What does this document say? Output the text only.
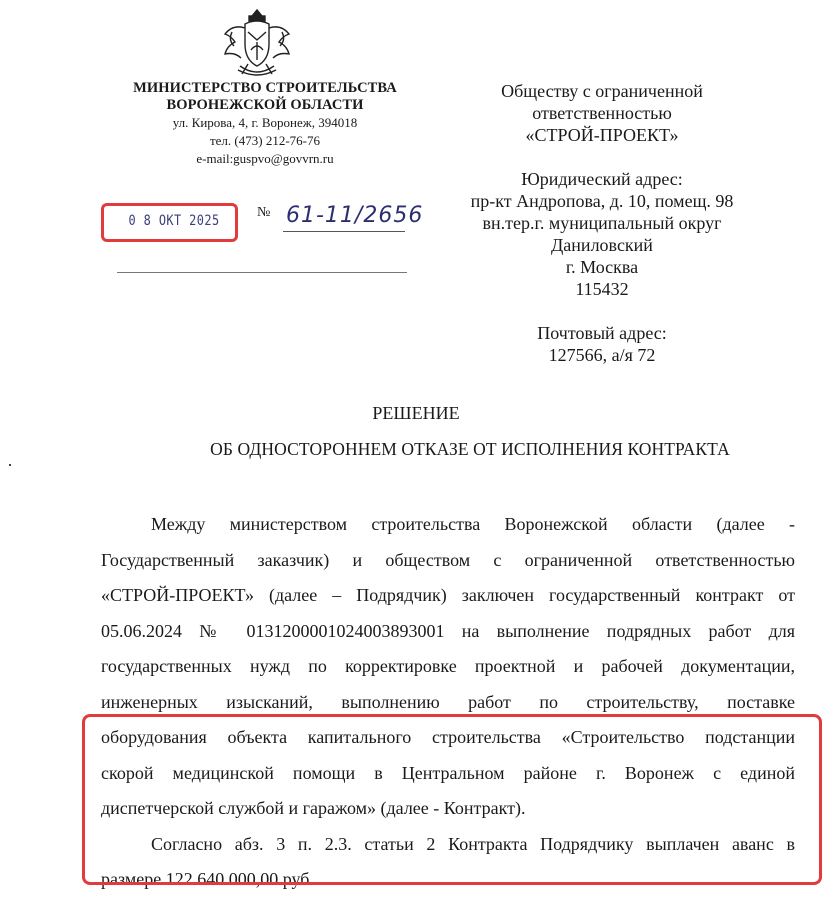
МИНИСТЕРСТВО СТРОИТЕЛЬСТВА
ВОРОНЕЖСКОЙ ОБЛАСТИ
ул. Кирова, 4, г. Воронеж, 394018
тел. (473) 212-76-76
e-mail:guspvo@govvrn.ru
0 8 ОКТ 2025
№ 61-11/2656
Обществу с ограниченной
ответственностью
«СТРОЙ-ПРОЕКТ»
Юридический адрес:
пр-кт Андропова, д. 10, помещ. 98
вн.тер.г. муниципальный округ
Даниловский
г. Москва
115432
Почтовый адрес:
127566, а/я 72
РЕШЕНИЕ
ОБ ОДНОСТОРОННЕМ ОТКАЗЕ ОТ ИСПОЛНЕНИЯ КОНТРАКТА
Между министерством строительства Воронежской области (далее -
Государственный заказчик) и обществом с ограниченной ответственностью
«СТРОЙ-ПРОЕКТ» (далее – Подрядчик) заключен государственный контракт от
05.06.2024 № 0131200001024003893001 на выполнение подрядных работ для
государственных нужд по корректировке проектной и рабочей документации,
инженерных изысканий, выполнению работ по строительству, поставке
оборудования объекта капитального строительства «Строительство подстанции
скорой медицинской помощи в Центральном районе г. Воронеж с единой
диспетчерской службой и гаражом» (далее - Контракт).
Согласно абз. 3 п. 2.3. статьи 2 Контракта Подрядчику выплачен аванс в
размере 122 640 000,00 руб.
